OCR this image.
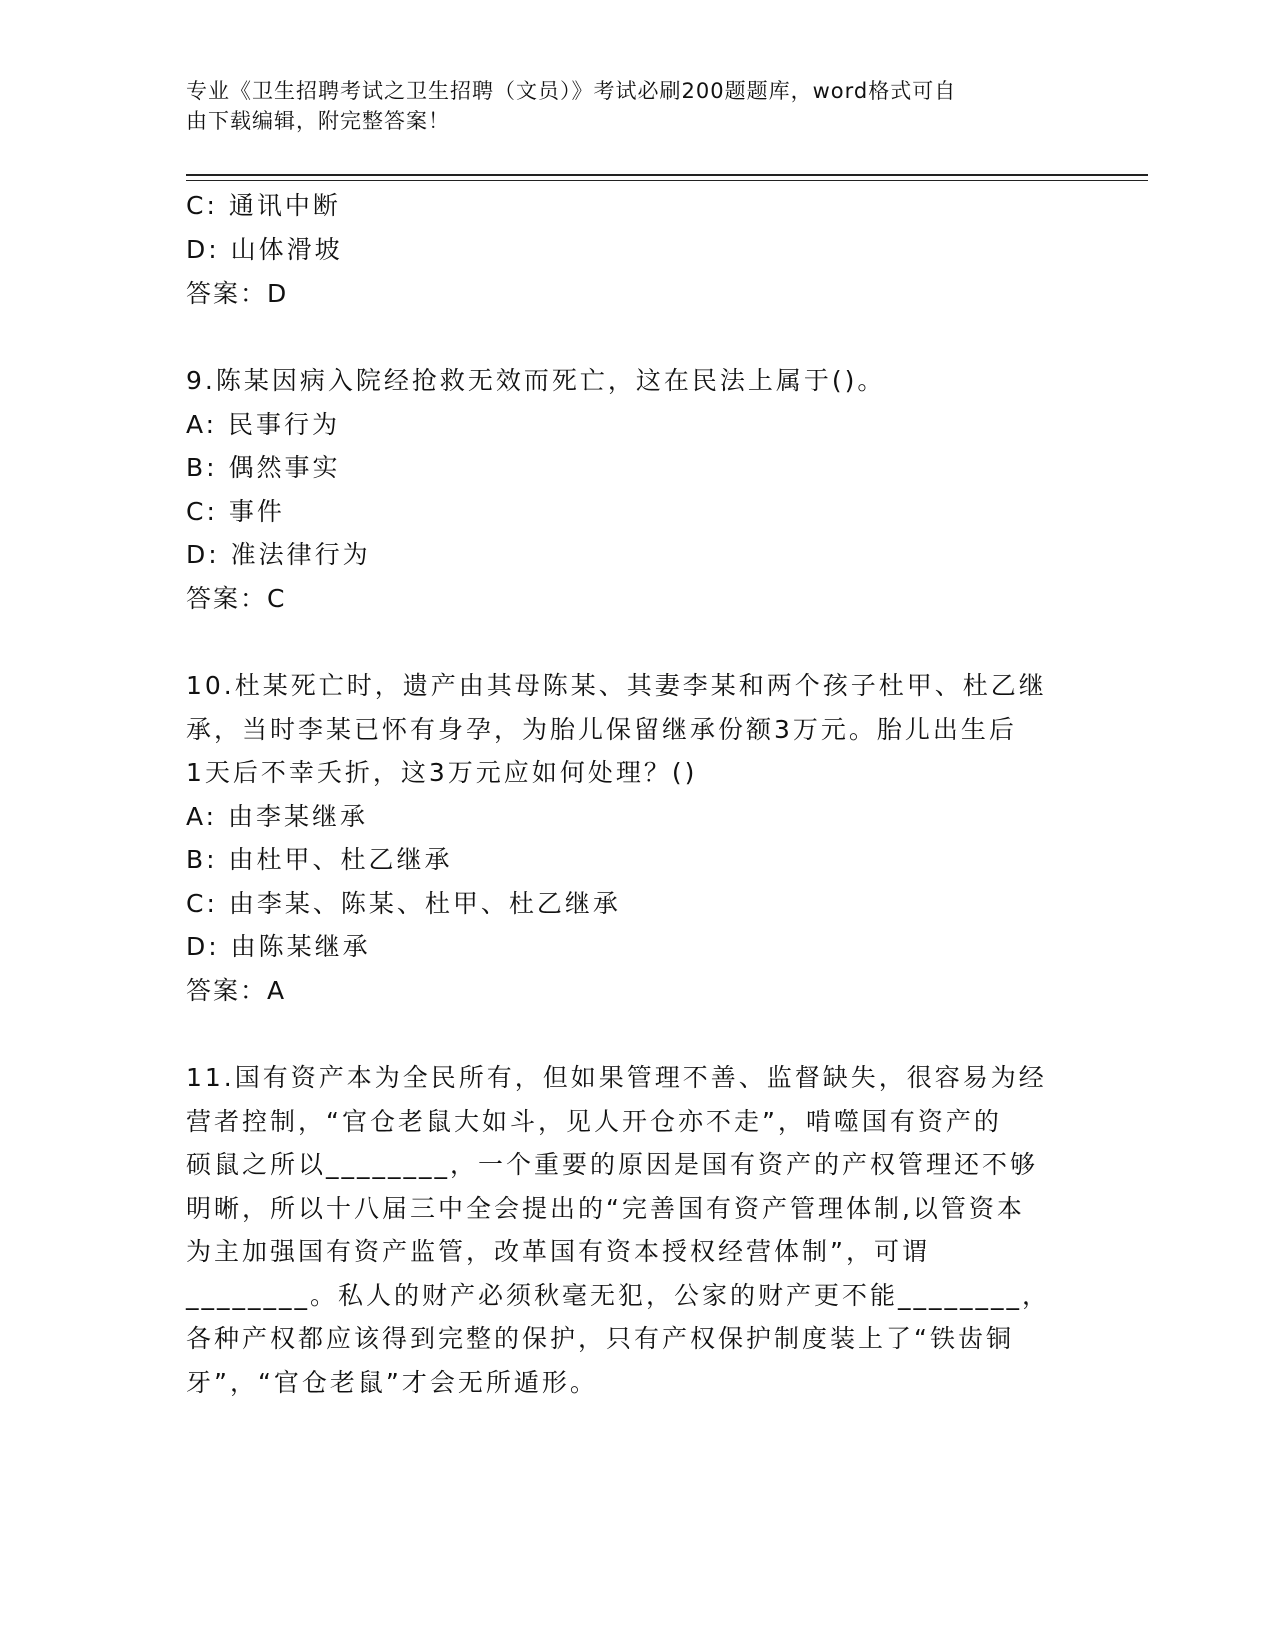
专业《卫生招聘考试之卫生招聘（文员）》考试必刷200题题库，word格式可自
由下载编辑，附完整答案！
C: 通讯中断
D: 山体滑坡
答案：D
9.陈某因病入院经抢救无效而死亡，这在民法上属于()。
A: 民事行为
B: 偶然事实
C: 事件
D: 准法律行为
答案：C
10.杜某死亡时，遗产由其母陈某、其妻李某和两个孩子杜甲、杜乙继
承，当时李某已怀有身孕，为胎儿保留继承份额3万元。胎儿出生后
1天后不幸夭折，这3万元应如何处理？()
A: 由李某继承
B: 由杜甲、杜乙继承
C: 由李某、陈某、杜甲、杜乙继承
D: 由陈某继承
答案：A
11.国有资产本为全民所有，但如果管理不善、监督缺失，很容易为经
营者控制，“官仓老鼠大如斗，见人开仓亦不走”，啃噬国有资产的
硕鼠之所以________，一个重要的原因是国有资产的产权管理还不够
明晰，所以十八届三中全会提出的“完善国有资产管理体制,以管资本
为主加强国有资产监管，改革国有资本授权经营体制”，可谓
________。私人的财产必须秋毫无犯，公家的财产更不能________，
各种产权都应该得到完整的保护，只有产权保护制度装上了“铁齿铜
牙”，“官仓老鼠”才会无所遁形。
